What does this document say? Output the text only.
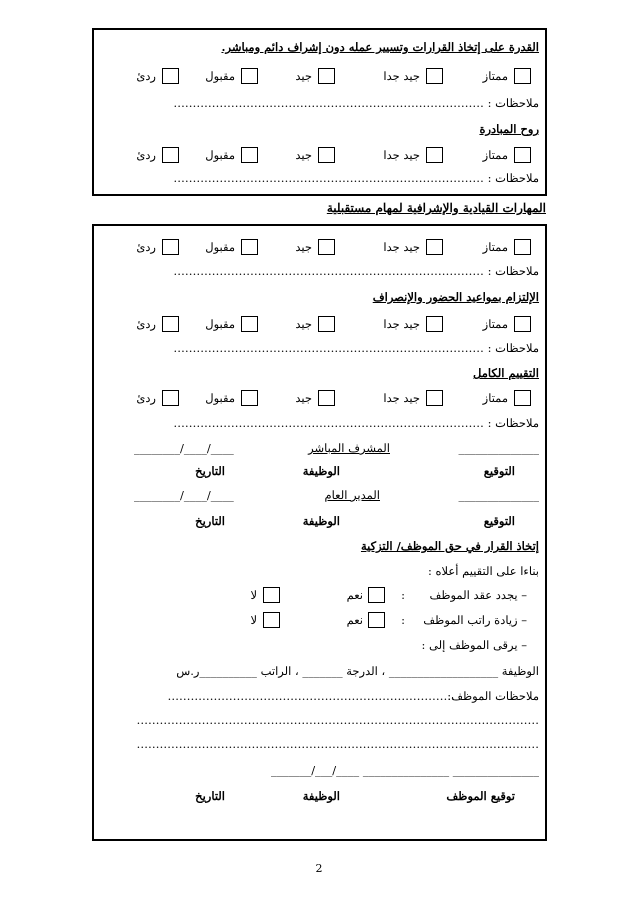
القدرة على إتخاذ القرارات وتسيير عمله دون إشراف دائم ومباشر.
ممتاز
جيد جدا
جيد
مقبول
ردئ
ملاحظات : ………………………………………………………………………
روح المبادرة
ممتاز
جيد جدا
جيد
مقبول
ردئ
ملاحظات : ………………………………………………………………………
المهارات القيادية والإشرافية لمهام مستقبلية
ممتاز
جيد جدا
جيد
مقبول
ردئ
ملاحظات : ………………………………………………………………………
الإلتزام بمواعيد الحضور والإنصراف
ممتاز
جيد جدا
جيد
مقبول
ردئ
ملاحظات : ………………………………………………………………………
التقييم الكامل
ممتاز
جيد جدا
جيد
مقبول
ردئ
ملاحظات : ………………………………………………………………………
______________
المشرف المباشر
____/____/________
التوقيع
الوظيفة
التاريخ
______________
المدير العام
____/____/________
التوقيع
الوظيفة
التاريخ
إتخاذ القرار في حق الموظف/ التزكية
بناءا على التقييم أعلاه :
– يجدد عقد الموظف
:
نعم
لا
– زيادة راتب الموظف
:
نعم
لا
– يرقى الموظف إلى :
الوظيفة ___________________ ، الدرجة _______ ، الراتب __________ر.س
ملاحظات الموظف:
…………………………………………………………………
……………………………………………………………………………………………
……………………………………………………………………………………………
_______________ _______________ ____/___/_______
توقيع الموظف
الوظيفة
التاريخ
2
